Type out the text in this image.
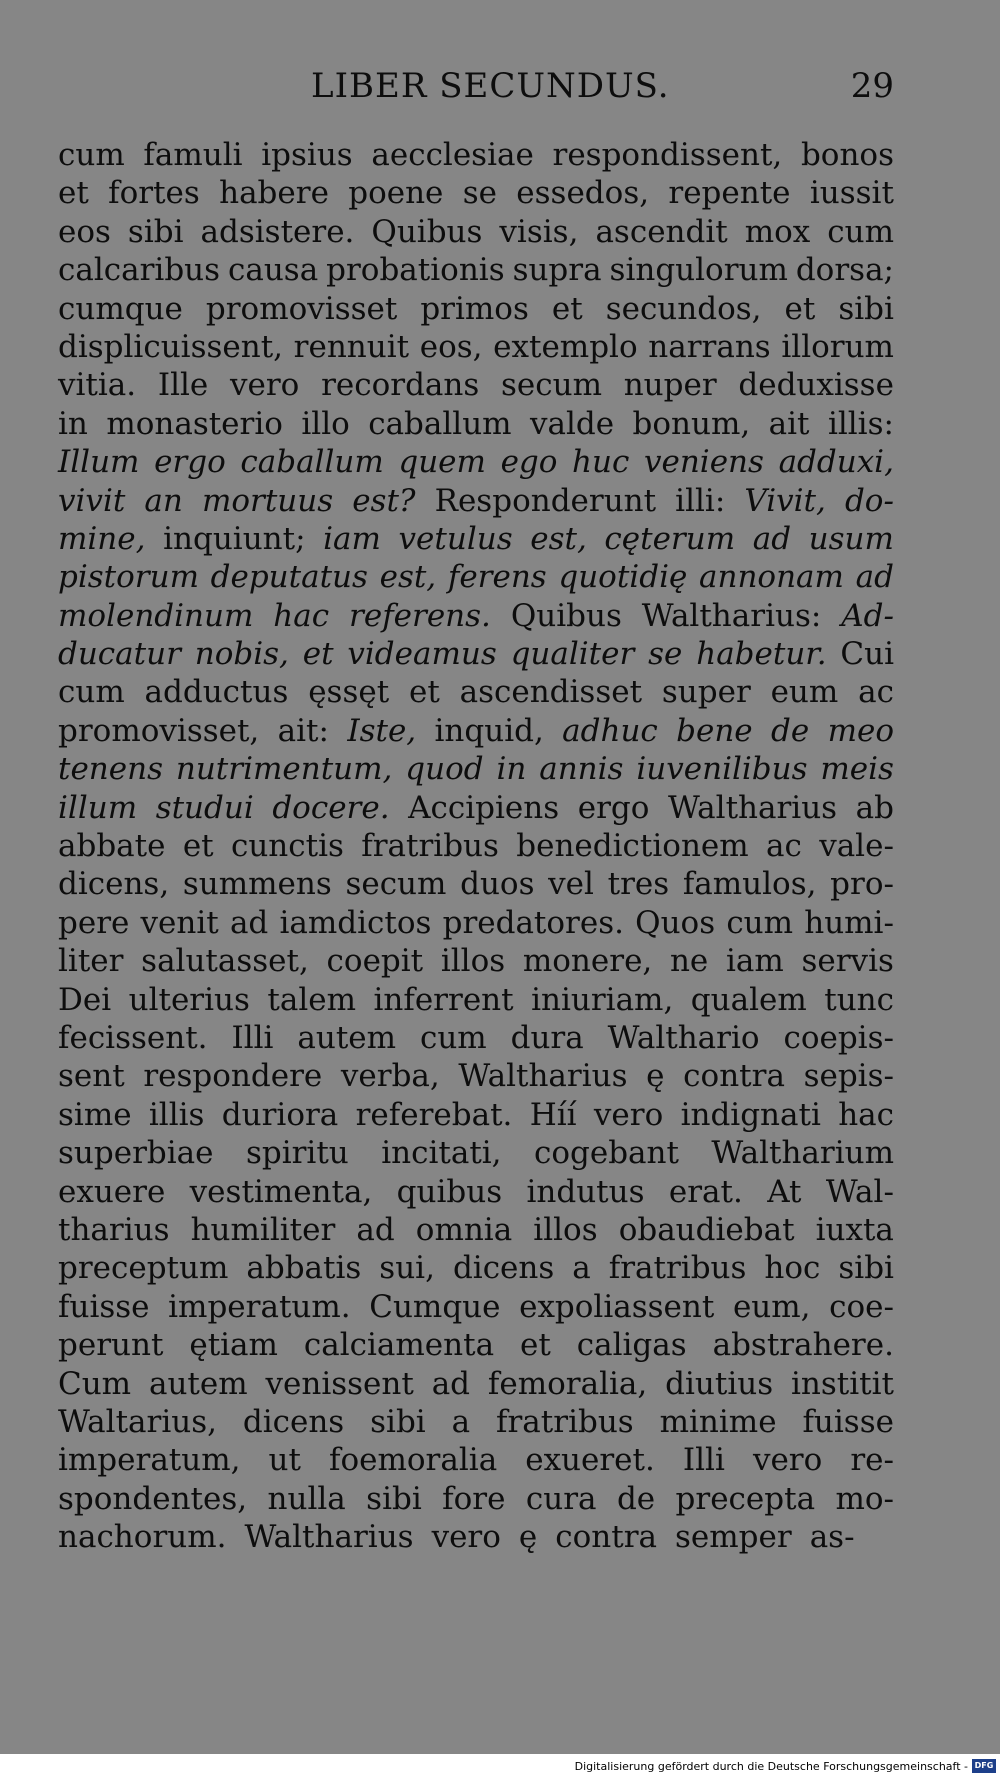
LIBER SECUNDUS.	29
cum famuli ipsius aecclesiae respondissent, bonos
et fortes habere poene se essedos, repente iussit
eos sibi adsistere. Quibus visis, ascendit mox cum
calcaribus causa probationis supra singulorum dorsa;
cumque promovisset primos et secundos, et sibi
displicuissent, rennuit eos, extemplo narrans illorum
vitia. Ille vero recordans secum nuper deduxisse
in monasterio illo caballum valde bonum, ait illis:
Illum ergo caballum quem ego huc veniens adduxi,
vivit an mortuus est? Responderunt illi: Vivit, do-
mine, inquiunt; iam vetulus est, cęterum ad usum
pistorum deputatus est, ferens quotidię annonam ad
molendinum hac referens. Quibus Waltharius: Ad-
ducatur nobis, et videamus qualiter se habetur. Cui
cum adductus ęssęt et ascendisset super eum ac
promovisset, ait: Iste, inquid, adhuc bene de meo
tenens nutrimentum, quod in annis iuvenilibus meis
illum studui docere. Accipiens ergo Waltharius ab
abbate et cunctis fratribus benedictionem ac vale-
dicens, summens secum duos vel tres famulos, pro-
pere venit ad iamdictos predatores. Quos cum humi-
liter salutasset, coepit illos monere, ne iam servis
Dei ulterius talem inferrent iniuriam, qualem tunc
fecissent. Illi autem cum dura Walthario coepis-
sent respondere verba, Waltharius ę contra sepis-
sime illis duriora referebat. Híí vero indignati hac
superbiae spiritu incitati, cogebant Waltharium
exuere vestimenta, quibus indutus erat. At Wal-
tharius humiliter ad omnia illos obaudiebat iuxta
preceptum abbatis sui, dicens a fratribus hoc sibi
fuisse imperatum. Cumque expoliassent eum, coe-
perunt ętiam calciamenta et caligas abstrahere.
Cum autem venissent ad femoralia, diutius institit
Waltarius, dicens sibi a fratribus minime fuisse
imperatum, ut foemoralia exueret. Illi vero re-
spondentes, nulla sibi fore cura de precepta mo-
nachorum. Waltharius vero ę contra semper as-
Digitalisierung gefördert durch die Deutsche Forschungsgemeinschaft - DFG
